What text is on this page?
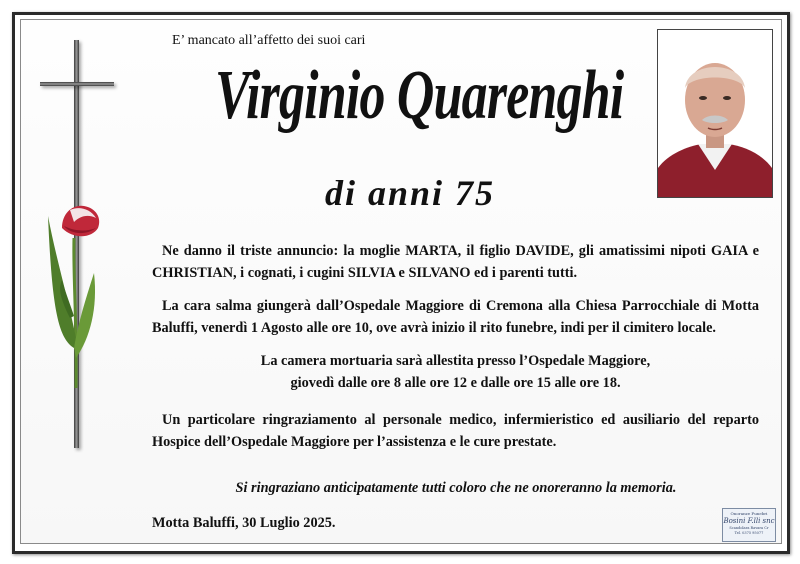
E’ mancato all’affetto dei suoi cari
Virginio Quarenghi
di anni 75
Ne danno il triste annuncio: la moglie MARTA, il figlio DAVIDE, gli amatissimi nipoti GAIA e CHRISTIAN, i cognati, i cugini SILVIA e SILVANO ed i parenti tutti.
La cara salma giungerà dall’Ospedale Maggiore di Cremona alla Chiesa Parrocchiale di Motta Baluffi, venerdì 1 Agosto alle ore 10, ove avrà inizio il rito funebre, indi per il cimitero locale.
La camera mortuaria sarà allestita presso l’Ospedale Maggiore,
giovedì dalle ore 8 alle ore 12 e dalle ore 15 alle ore 18.
Un particolare ringraziamento al personale medico, infermieristico ed ausiliario del reparto Hospice dell’Ospedale Maggiore per l’assistenza e le cure prestate.
Si ringraziano anticipatamente tutti coloro che ne onoreranno la memoria.
Motta Baluffi, 30 Luglio 2025.
Onoranze Funebri
Bosini F.lli snc
Scandolara Ravara Cr
Tel. 0375 95077
